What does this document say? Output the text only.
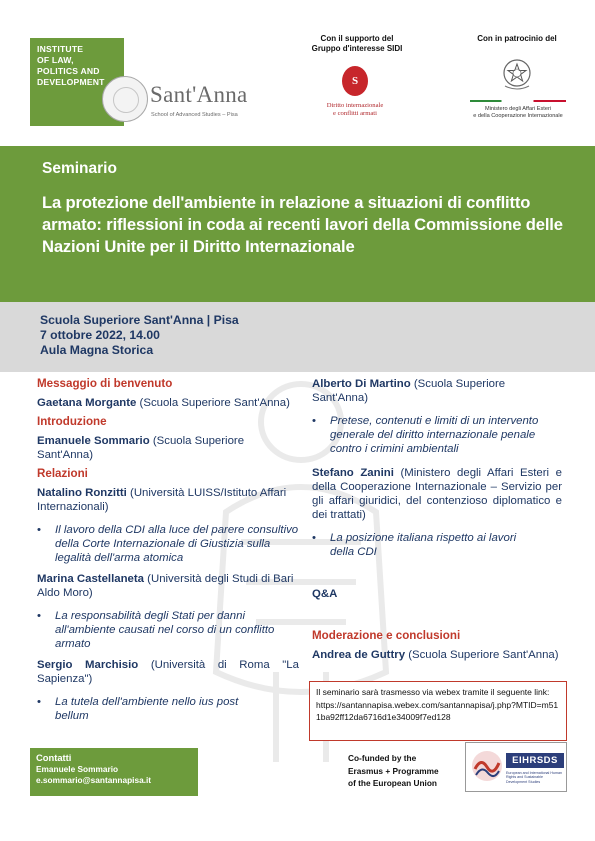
INSTITUTE
OF LAW,
POLITICS AND
DEVELOPMENT	Sant'Anna
School of Advanced Studies – Pisa
Con il supporto del
Gruppo d'interesse SIDI
S
Diritto internazionale
e conflitti armati
Con in patrocinio del
Ministero degli Affari Esteri
e della Cooperazione Internazionale
Seminario
La protezione dell'ambiente in relazione a situazioni di conflitto armato: riflessioni in coda ai recenti lavori della Commissione delle Nazioni Unite per il Diritto Internazionale
Scuola Superiore Sant'Anna | Pisa
7 ottobre 2022, 14.00
Aula Magna Storica
Messaggio di benvenuto
Gaetana Morgante (Scuola Superiore Sant'Anna)
Introduzione
Emanuele Sommario (Scuola Superiore Sant'Anna)
Relazioni
Natalino Ronzitti (Università LUISS/Istituto Affari Internazionali)
• Il lavoro della CDI alla luce del parere consultivo della Corte Internazionale di Giustizia sulla legalità dell'arma atomica
Marina Castellaneta (Università degli Studi di Bari Aldo Moro)
• La responsabilità degli Stati per danni all'ambiente causati nel corso di un conflitto armato
Sergio Marchisio (Università di Roma "La Sapienza")
• La tutela dell'ambiente nello ius post bellum
Alberto Di Martino (Scuola Superiore Sant'Anna)
• Pretese, contenuti e limiti di un intervento generale del diritto internazionale penale contro i crimini ambientali
Stefano Zanini (Ministero degli Affari Esteri e della Cooperazione Internazionale – Servizio per gli affari giuridici, del contenzioso diplomatico e dei trattati)
• La posizione italiana rispetto ai lavori della CDI
Q&A
Moderazione e conclusioni
Andrea de Guttry (Scuola Superiore Sant'Anna)
Il seminario sarà trasmesso via webex tramite il seguente link:
https://santannapisa.webex.com/santannapisa/j.php?MTID=m511ba92ff12da6716d1e34009f7ed128
Contatti
Emanuele Sommario
e.sommario@santannapisa.it
Co-funded by the
Erasmus + Programme
of the European Union
EIHRSDS
European and International Human Rights and Sustainable Development Studies
